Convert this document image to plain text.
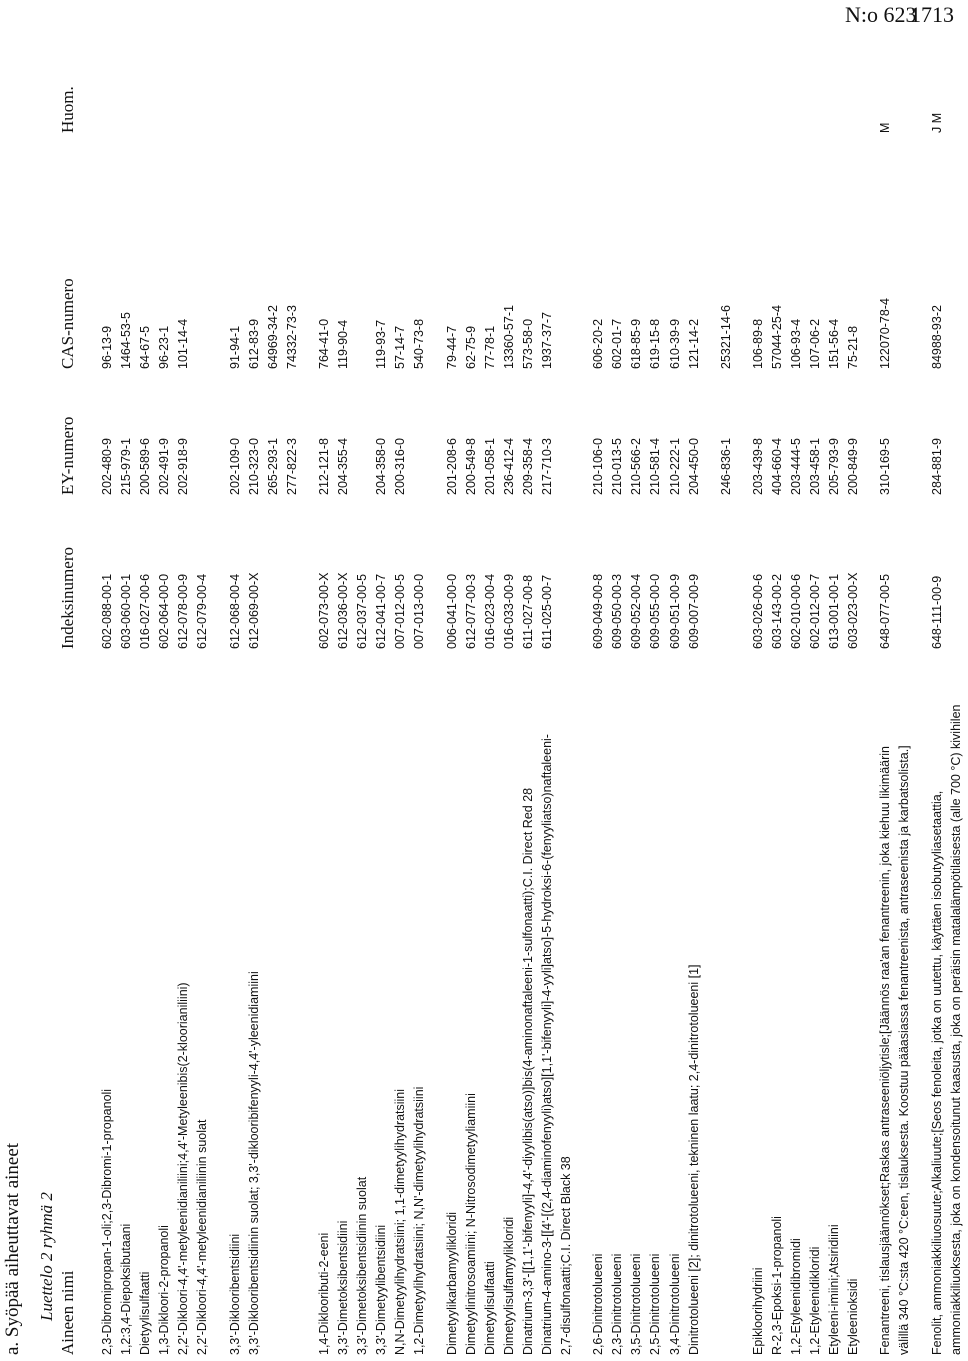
N:o 623
1713
a. Syöpää aiheuttavat aineet Luettelo 2 ryhmä 2 Aineen nimi
Indeksinumero
EY-numero
CAS-numero
Huom.
2,3-Dibromipropan-1-oli;2,3-Dibromi-1-propanoli
602-088-00-1
202-480-9
96-13-9
1,2:3,4-Diepoksibutaani
603-060-00-1
215-979-1
1464-53-5
Dietyylisulfaatti
016-027-00-6
200-589-6
64-67-5
1,3-Dikloori-2-propanoli
602-064-00-0
202-491-9
96-23-1
2,2'-Dikloori-4,4'-metyleenidianiliini;4,4'-Metyleenibis(2-kloorianiliini)
612-078-00-9
202-918-9
101-14-4
2,2'-Dikloori-4,4'-metyleenidianiliinin suolat
612-079-00-4
3,3'-Diklooribentsidiini
612-068-00-4
202-109-0
91-94-1
3,3'-Diklooribentsidiinin suolat; 3,3'-diklooribifenyyli-4,4'-yleenidiamiini
612-069-00-X
210-323-0
612-83-9
265-293-1
64969-34-2
277-822-3
74332-73-3
1,4-Diklooributi-2-eeni
602-073-00-X
212-121-8
764-41-0
3,3'-Dimetoksibentsidiini
612-036-00-X
204-355-4
119-90-4
3,3'-Dimetoksibentsidiinin suolat
612-037-00-5
3,3'-Dimetyylibentsidiini
612-041-00-7
204-358-0
119-93-7
N,N-Dimetyylihydratsiini; 1,1-dimetyylihydratsiini
007-012-00-5
200-316-0
57-14-7
1,2-Dimetyylihydratsiini; N,N'-dimetyylihydratsiini
007-013-00-0
540-73-8
Dimetyylikarbamyylikloridi
006-041-00-0
201-208-6
79-44-7
Dimetyylinitrosoamiini; N-Nitrosodimetyyliamiini
612-077-00-3
200-549-8
62-75-9
Dimetyylisulfaatti
016-023-00-4
201-058-1
77-78-1
Dimetyylisulfamyylikloridi
016-033-00-9
236-412-4
13360-57-1
Dinatrium-3,3'-[[1,1'-bifenyyli]-4,4'-diyylibis(atso)]bis(4-aminonaftaleeni-1-sulfonaatti);C.I. Direct Red 28
611-027-00-8
209-358-4
573-58-0
Dinatrium-4-amino-3-[[4'-[(2,4-diaminofenyyli)atso][1,1'-bifenyyli]-4-yyli]atso]-5-hydroksi-6-(fenyyliatso)naftaleeni-
611-025-00-7
217-710-3
1937-37-7
2,7-disulfonaatti;C.I. Direct Black 38 2,6-Dinitrotolueeni
609-049-00-8
210-106-0
606-20-2
2,3-Dinitrotolueeni
609-050-00-3
210-013-5
602-01-7
3,5-Dinitrotolueeni
609-052-00-4
210-566-2
618-85-9
2,5-Dinitrotolueeni
609-055-00-0
210-581-4
619-15-8
3,4-Dinitrotolueeni
609-051-00-9
210-222-1
610-39-9
Dinitrotolueeni [2]; dinitrotolueeni, tekninen laatu; 2,4-dinitrotolueeni [1]
609-007-00-9
204-450-0
121-14-2
246-836-1
25321-14-6
Epikloorihydriini
603-026-00-6
203-439-8
106-89-8
R-2,3-Epoksi-1-propanoli
603-143-00-2
404-660-4
57044-25-4
1,2-Etyleenidibromidi
602-010-00-6
203-444-5
106-93-4
1,2-Etyleenidikloridi
602-012-00-7
203-458-1
107-06-2
Etyleeni-imiini;Atsiridiini
613-001-00-1
205-793-9
151-56-4
Etyleenioksidi
603-023-00-X
200-849-9
75-21-8
Fenantreeni, tislausjäännökset;Raskas antraseeniöljytisle;[Jäännös raa'an fenantreenin, joka kiehuu likimäärin
648-077-00-5
310-169-5
122070-78-4
M
välillä 340 °C:sta 420 °C:een, tislauksesta. Koostuu pääasiassa fenantreenista, antraseenista ja karbatsolista.] Fenolit, ammoniakkiliuosuute;Alkaliuute;[Seos fenoleita, jotka on uutettu, käyttäen isobutyyliasetaattia,
648-111-00-9
284-881-9
84988-93-2
J M
ammoniakkiliuoksesta, joka on kondensoitunut kaasusta, joka on peräisin matalalämpötilaisesta (alle 700 °C) kivihilen
